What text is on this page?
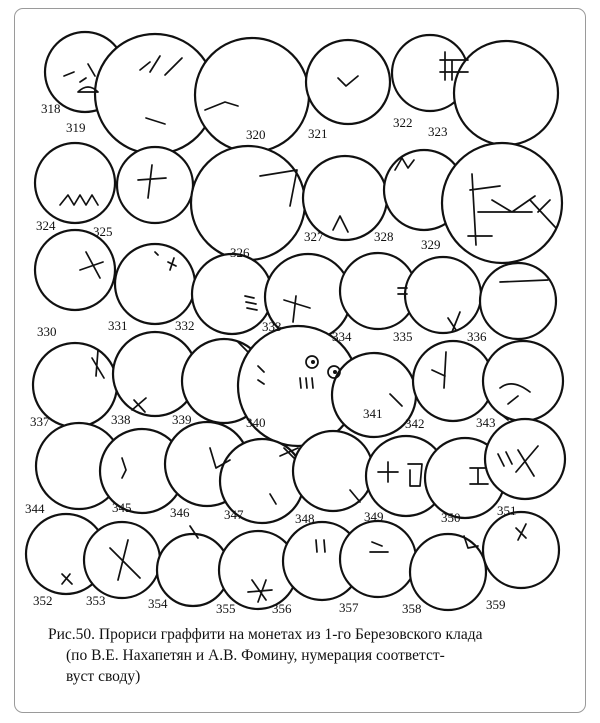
318
319	320	321
322
323
324	325
326
327	328
329
330	331	332	333
334	335	336
337	338	339	340
341
342	343
344	345	346	347	348	349	350	351
352	353	354	355	356	357	358	359
Рис.50. Прориси граффити на монетах из 1-го Березовского клада
(по В.Е. Нахапетян и А.В. Фомину, нумерация соответст-
вуст своду)
